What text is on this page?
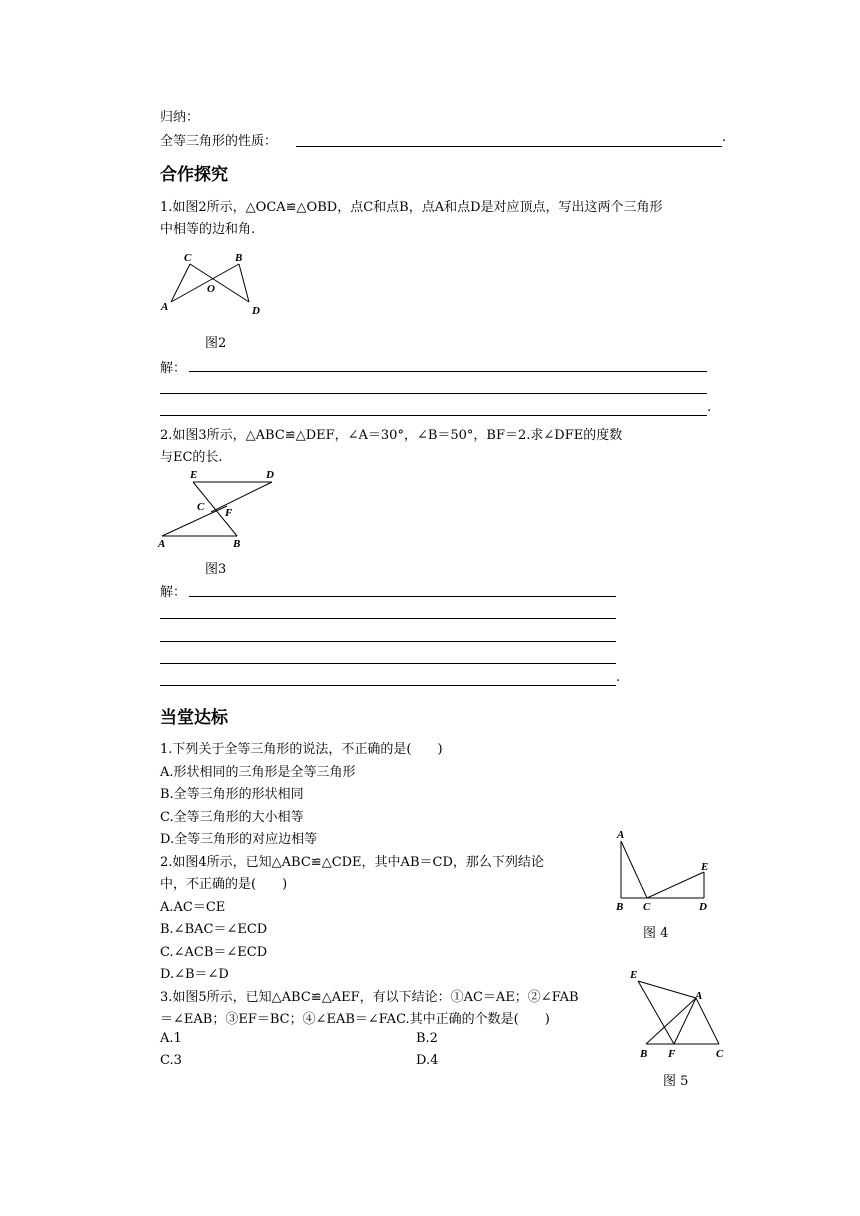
归纳：
全等三角形的性质：	.
合作探究
1.如图2所示，△OCA≌△OBD，点C和点B，点A和点D是对应顶点，写出这两个三角形
中相等的边和角.
C	B
O
A	D
图2
解：
.
2.如图3所示，△ABC≌△DEF，∠A＝30°，∠B＝50°，BF＝2.求∠DFE的度数
与EC的长.
E	D
C F
A	B
图3
解：
.
当堂达标
1.下列关于全等三角形的说法，不正确的是(　　)
A.形状相同的三角形是全等三角形
B.全等三角形的形状相同
C.全等三角形的大小相等
D.全等三角形的对应边相等
2.如图4所示，已知△ABC≌△CDE，其中AB＝CD，那么下列结论
中，不正确的是(　　)
A.AC＝CE
B.∠BAC＝∠ECD
C.∠ACB＝∠ECD
D.∠B＝∠D
A
E
B C	D
图 4
3.如图5所示，已知△ABC≌△AEF，有以下结论：①AC＝AE；②∠FAB
＝∠EAB；③EF＝BC；④∠EAB＝∠FAC.其中正确的个数是(　　)
A.1	B.2
C.3	D.4
E
A
B F	C
图 5
